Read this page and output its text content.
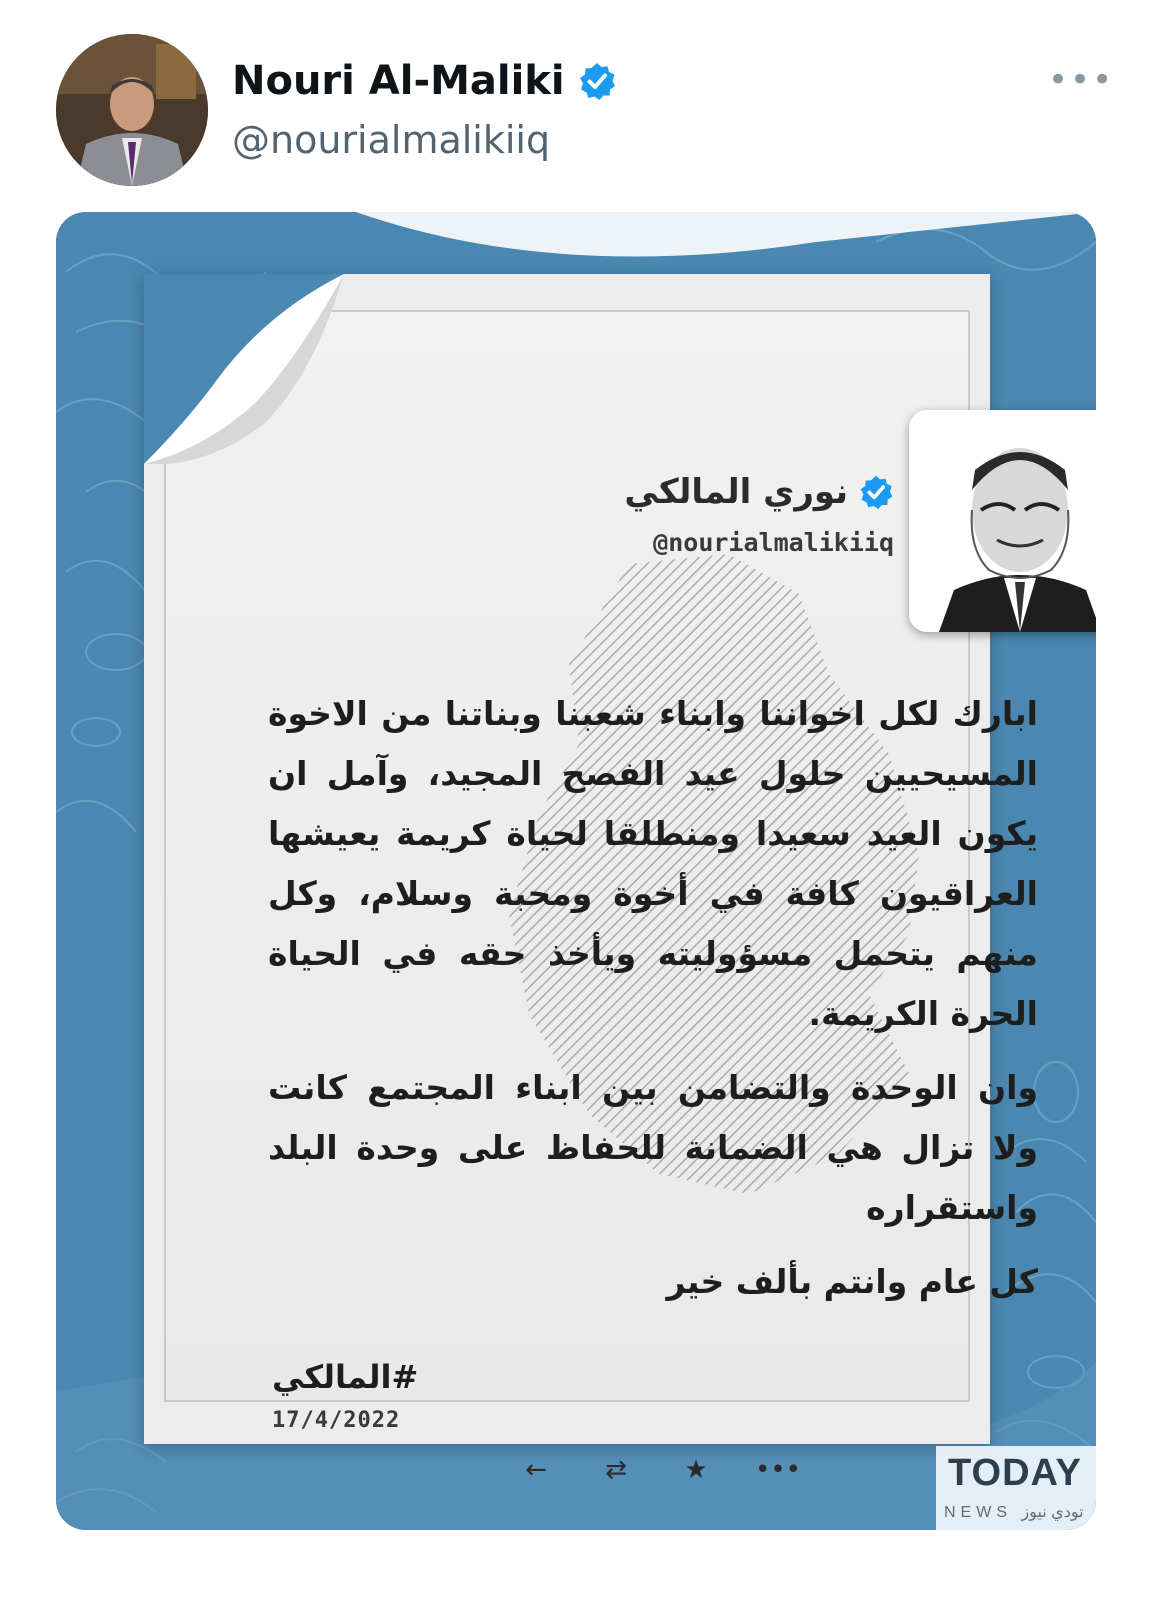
Nouri Al-Maliki
@nourialmalikiiq
•••
نوري المالكي
@nourialmalikiiq

ابارك لكل اخواننا وابناء شعبنا وبناتنا من الاخوة المسيحيين حلول عيد الفصح المجيد، وآمل ان يكون العيد سعيدا ومنطلقا لحياة كريمة يعيشها العراقيون كافة في أخوة ومحبة وسلام، وكل منهم يتحمل مسؤوليته ويأخذ حقه في الحياة الحرة الكريمة.

وان الوحدة والتضامن بين ابناء المجتمع كانت ولا تزال هي الضمانة للحفاظ على وحدة البلد واستقراره

كل عام وانتم بألف خير

#المالكي
17/4/2022
←	⇄	★	•••	TODAY
NEWS تودي نيوز
